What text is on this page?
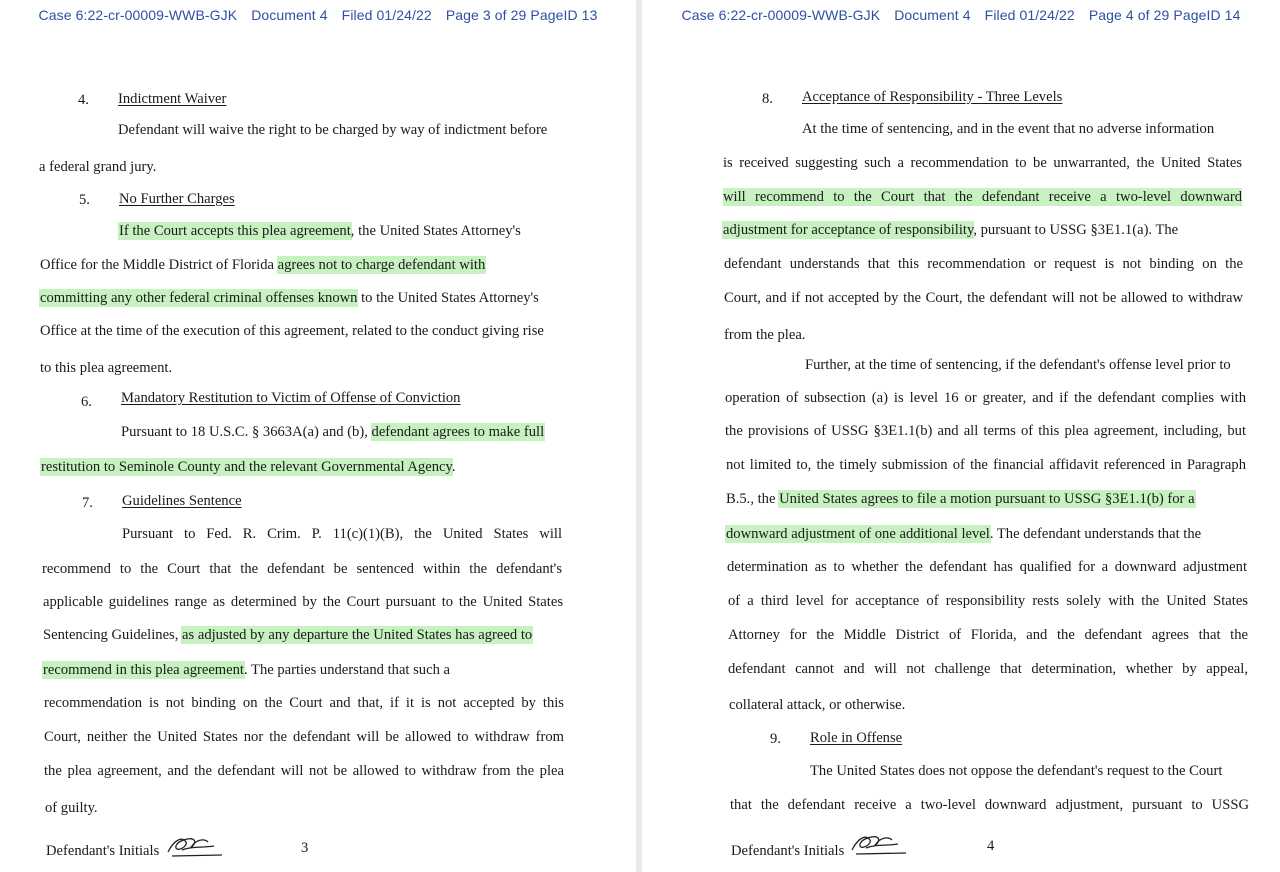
Case 6:22-cr-00009-WWB-GJK Document 4 Filed 01/24/22 Page 3 of 29 PageID 13
4. Indictment Waiver
Defendant will waive the right to be charged by way of indictment before
a federal grand jury.
5. No Further Charges
If the Court accepts this plea agreement, the United States Attorney's
Office for the Middle District of Florida agrees not to charge defendant with
committing any other federal criminal offenses known to the United States Attorney's
Office at the time of the execution of this agreement, related to the conduct giving rise
to this plea agreement.
6. Mandatory Restitution to Victim of Offense of Conviction
Pursuant to 18 U.S.C. § 3663A(a) and (b), defendant agrees to make full
restitution to Seminole County and the relevant Governmental Agency.
7. Guidelines Sentence
Pursuant to Fed. R. Crim. P. 11(c)(1)(B), the United States will
recommend to the Court that the defendant be sentenced within the defendant's
applicable guidelines range as determined by the Court pursuant to the United States
Sentencing Guidelines, as adjusted by any departure the United States has agreed to
recommend in this plea agreement. The parties understand that such a
recommendation is not binding on the Court and that, if it is not accepted by this
Court, neither the United States nor the defendant will be allowed to withdraw from
the plea agreement, and the defendant will not be allowed to withdraw from the plea
of guilty.
Defendant's Initials	3
Case 6:22-cr-00009-WWB-GJK Document 4 Filed 01/24/22 Page 4 of 29 PageID 14
8. Acceptance of Responsibility - Three Levels
At the time of sentencing, and in the event that no adverse information
is received suggesting such a recommendation to be unwarranted, the United States
will recommend to the Court that the defendant receive a two-level downward
adjustment for acceptance of responsibility, pursuant to USSG §3E1.1(a). The
defendant understands that this recommendation or request is not binding on the
Court, and if not accepted by the Court, the defendant will not be allowed to withdraw
from the plea.
Further, at the time of sentencing, if the defendant's offense level prior to
operation of subsection (a) is level 16 or greater, and if the defendant complies with
the provisions of USSG §3E1.1(b) and all terms of this plea agreement, including, but
not limited to, the timely submission of the financial affidavit referenced in Paragraph
B.5., the United States agrees to file a motion pursuant to USSG §3E1.1(b) for a
downward adjustment of one additional level. The defendant understands that the
determination as to whether the defendant has qualified for a downward adjustment
of a third level for acceptance of responsibility rests solely with the United States
Attorney for the Middle District of Florida, and the defendant agrees that the
defendant cannot and will not challenge that determination, whether by appeal,
collateral attack, or otherwise.
9. Role in Offense
The United States does not oppose the defendant's request to the Court
that the defendant receive a two-level downward adjustment, pursuant to USSG
Defendant's Initials	4
